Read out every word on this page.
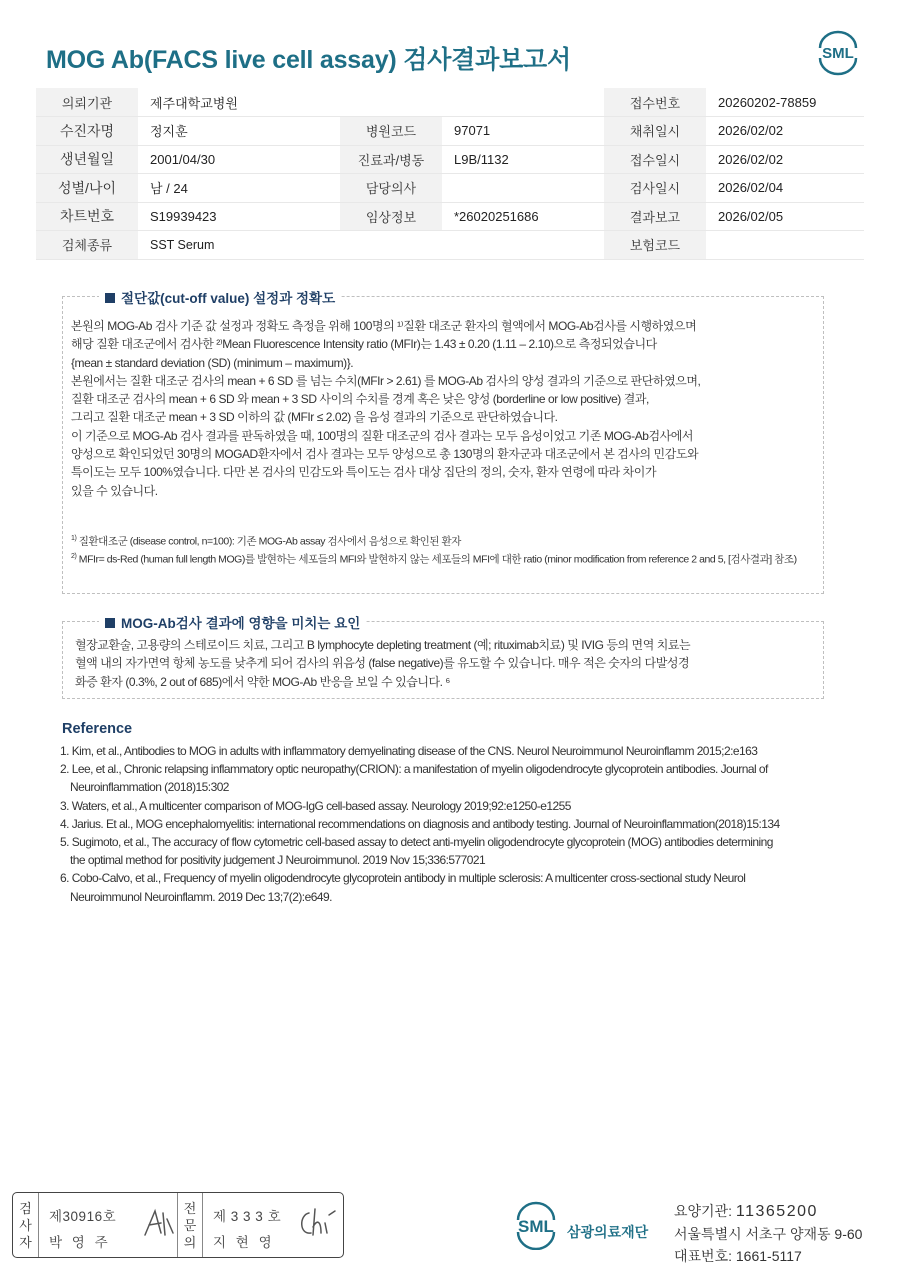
MOG Ab(FACS live cell assay) 검사결과보고서	SML
의뢰기관	제주대학교병원			접수번호	20260202-78859
수진자명	정지훈	병원코드	97071	채취일시	2026/02/02
생년월일	2001/04/30	진료과/병동	L9B/1132	접수일시	2026/02/02
성별/나이	남 / 24	담당의사		검사일시	2026/02/04
차트번호	S19939423	임상정보	*26020251686	결과보고	2026/02/05
검체종류	SST Serum			보험코드	
절단값(cut-off value) 설정과 정확도
본원의 MOG-Ab 검사 기준 값 설정과 정확도 측정을 위해 100명의 ¹⁾질환 대조군 환자의 혈액에서 MOG-Ab검사를 시행하였으며
해당 질환 대조군에서 검사한 ²⁾Mean Fluorescence Intensity ratio (MFIr)는 1.43 ± 0.20 (1.11 – 2.10)으로 측정되었습니다
{mean ± standard deviation (SD) (minimum – maximum)}.
본원에서는 질환 대조군 검사의 mean + 6 SD 를 넘는 수치(MFIr > 2.61) 를 MOG-Ab 검사의 양성 결과의 기준으로 판단하였으며,
질환 대조군 검사의 mean + 6 SD 와 mean + 3 SD 사이의 수치를 경계 혹은 낮은 양성 (borderline or low positive) 결과,
그리고 질환 대조군 mean + 3 SD 이하의 값 (MFIr ≤ 2.02) 을 음성 결과의 기준으로 판단하였습니다.
이 기준으로 MOG-Ab 검사 결과를 판독하였을 때, 100명의 질환 대조군의 검사 결과는 모두 음성이었고 기존 MOG-Ab검사에서
양성으로 확인되었던 30명의 MOGAD환자에서 검사 결과는 모두 양성으로 총 130명의 환자군과 대조군에서 본 검사의 민감도와
특이도는 모두 100%였습니다. 다만 본 검사의 민감도와 특이도는 검사 대상 집단의 정의, 숫자, 환자 연령에 따라 차이가
있을 수 있습니다.
$^{1)}$ 질환대조군 (disease control, n=100): 기존 MOG-Ab assay 검사에서 음성으로 확인된 환자
$^{2)}$ MFIr= ds-Red (human full length MOG)를 발현하는 세포들의 MFI와 발현하지 않는 세포들의 MFI에 대한 ratio (minor modification from reference 2 and 5, [검사결과] 참조)
MOG-Ab검사 결과에 영향을 미치는 요인
혈장교환술, 고용량의 스테로이드 치료, 그리고 B lymphocyte depleting treatment (예; rituximab치료) 및 IVIG 등의 면역 치료는
혈액 내의 자가면역 항체 농도를 낮추게 되어 검사의 위음성 (false negative)를 유도할 수 있습니다. 매우 적은 숫자의 다발성경
화증 환자 (0.3%, 2 out of 685)에서 약한 MOG-Ab 반응을 보일 수 있습니다. ⁶
Reference
1. Kim, et al., Antibodies to MOG in adults with inflammatory demyelinating disease of the CNS. Neurol Neuroimmunol Neuroinflamm 2015;2:e163
2. Lee, et al., Chronic relapsing inflammatory optic neuropathy(CRION): a manifestation of myelin oligodendrocyte glycoprotein antibodies. Journal of Neuroinflammation (2018)15:302
3. Waters, et al., A multicenter comparison of MOG-IgG cell-based assay. Neurology 2019;92:e1250-e1255
4. Jarius. Et al., MOG encephalomyelitis: international recommendations on diagnosis and antibody testing. Journal of Neuroinflammation(2018)15:134
5. Sugimoto, et al., The accuracy of flow cytometric cell-based assay to detect anti-myelin oligodendrocyte glycoprotein (MOG) antibodies determining the optimal method for positivity judgement J Neuroimmunol. 2019 Nov 15;336:577021
6. Cobo-Calvo, et al., Frequency of myelin oligodendrocyte glycoprotein antibody in multiple sclerosis: A multicenter cross-sectional study Neurol Neuroimmunol Neuroinflamm. 2019 Dec 13;7(2):e649.
검
사
자
제30916호
박 영 주
전
문
의
제 3 3 3 호
지 현 영
SML 삼광의료재단
요양기관: 11365200
서울특별시 서초구 양재동 9-60
대표번호: 1661-5117
